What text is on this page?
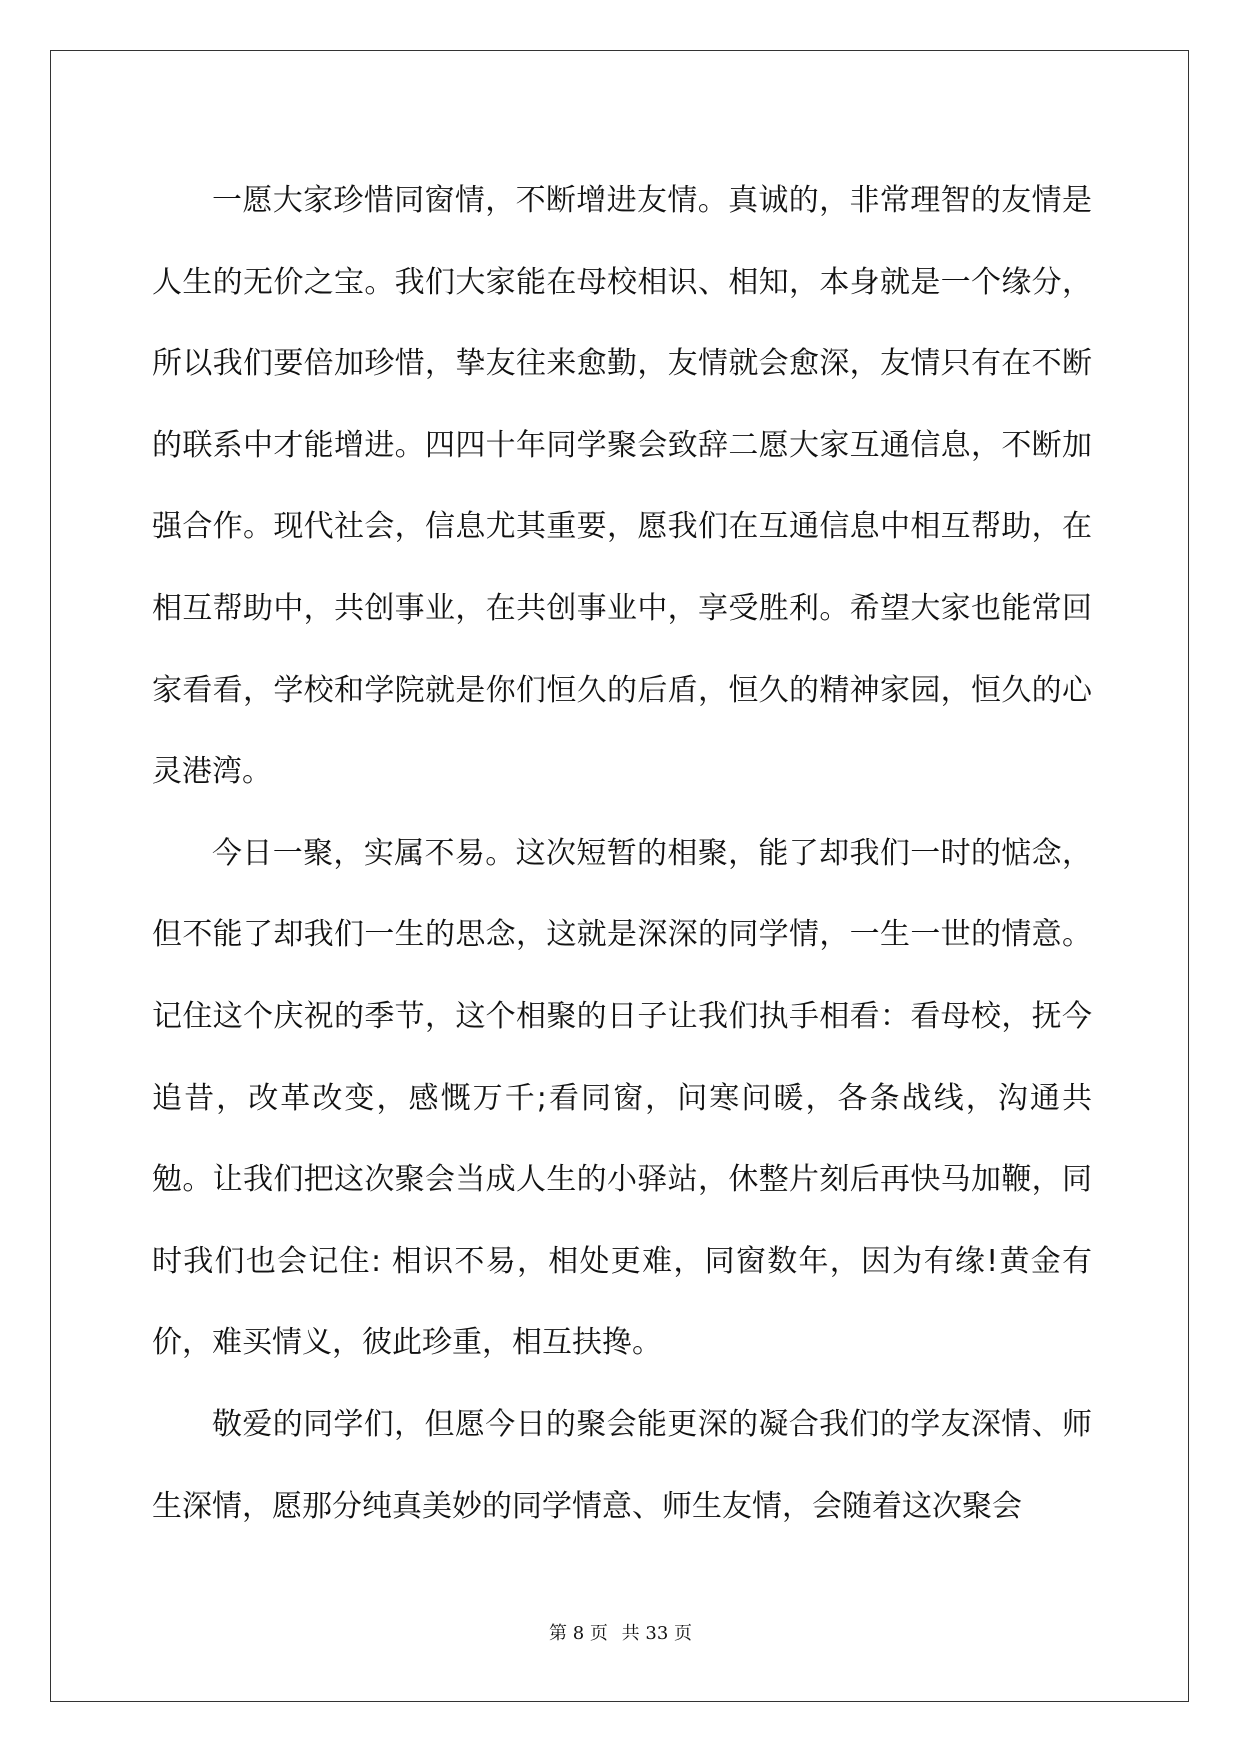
一愿大家珍惜同窗情，不断增进友情。真诚的，非常理智的友情是人生的无价之宝。我们大家能在母校相识、相知，本身就是一个缘分，所以我们要倍加珍惜，挚友往来愈勤，友情就会愈深，友情只有在不断的联系中才能增进。四四十年同学聚会致辞二愿大家互通信息，不断加强合作。现代社会，信息尤其重要，愿我们在互通信息中相互帮助，在相互帮助中，共创事业，在共创事业中，享受胜利。希望大家也能常回家看看，学校和学院就是你们恒久的后盾，恒久的精神家园，恒久的心灵港湾。

今日一聚，实属不易。这次短暂的相聚，能了却我们一时的惦念，但不能了却我们一生的思念，这就是深深的同学情，一生一世的情意。记住这个庆祝的季节，这个相聚的日子让我们执手相看：看母校，抚今追昔，改革改变，感慨万千;看同窗，问寒问暖，各条战线，沟通共勉。让我们把这次聚会当成人生的小驿站，休整片刻后再快马加鞭，同时我们也会记住: 相识不易，相处更难，同窗数年，因为有缘!黄金有价，难买情义，彼此珍重，相互扶搀。

敬爱的同学们，但愿今日的聚会能更深的凝合我们的学友深情、师生深情，愿那分纯真美妙的同学情意、师生友情，会随着这次聚会

第 8 页 共 33 页
